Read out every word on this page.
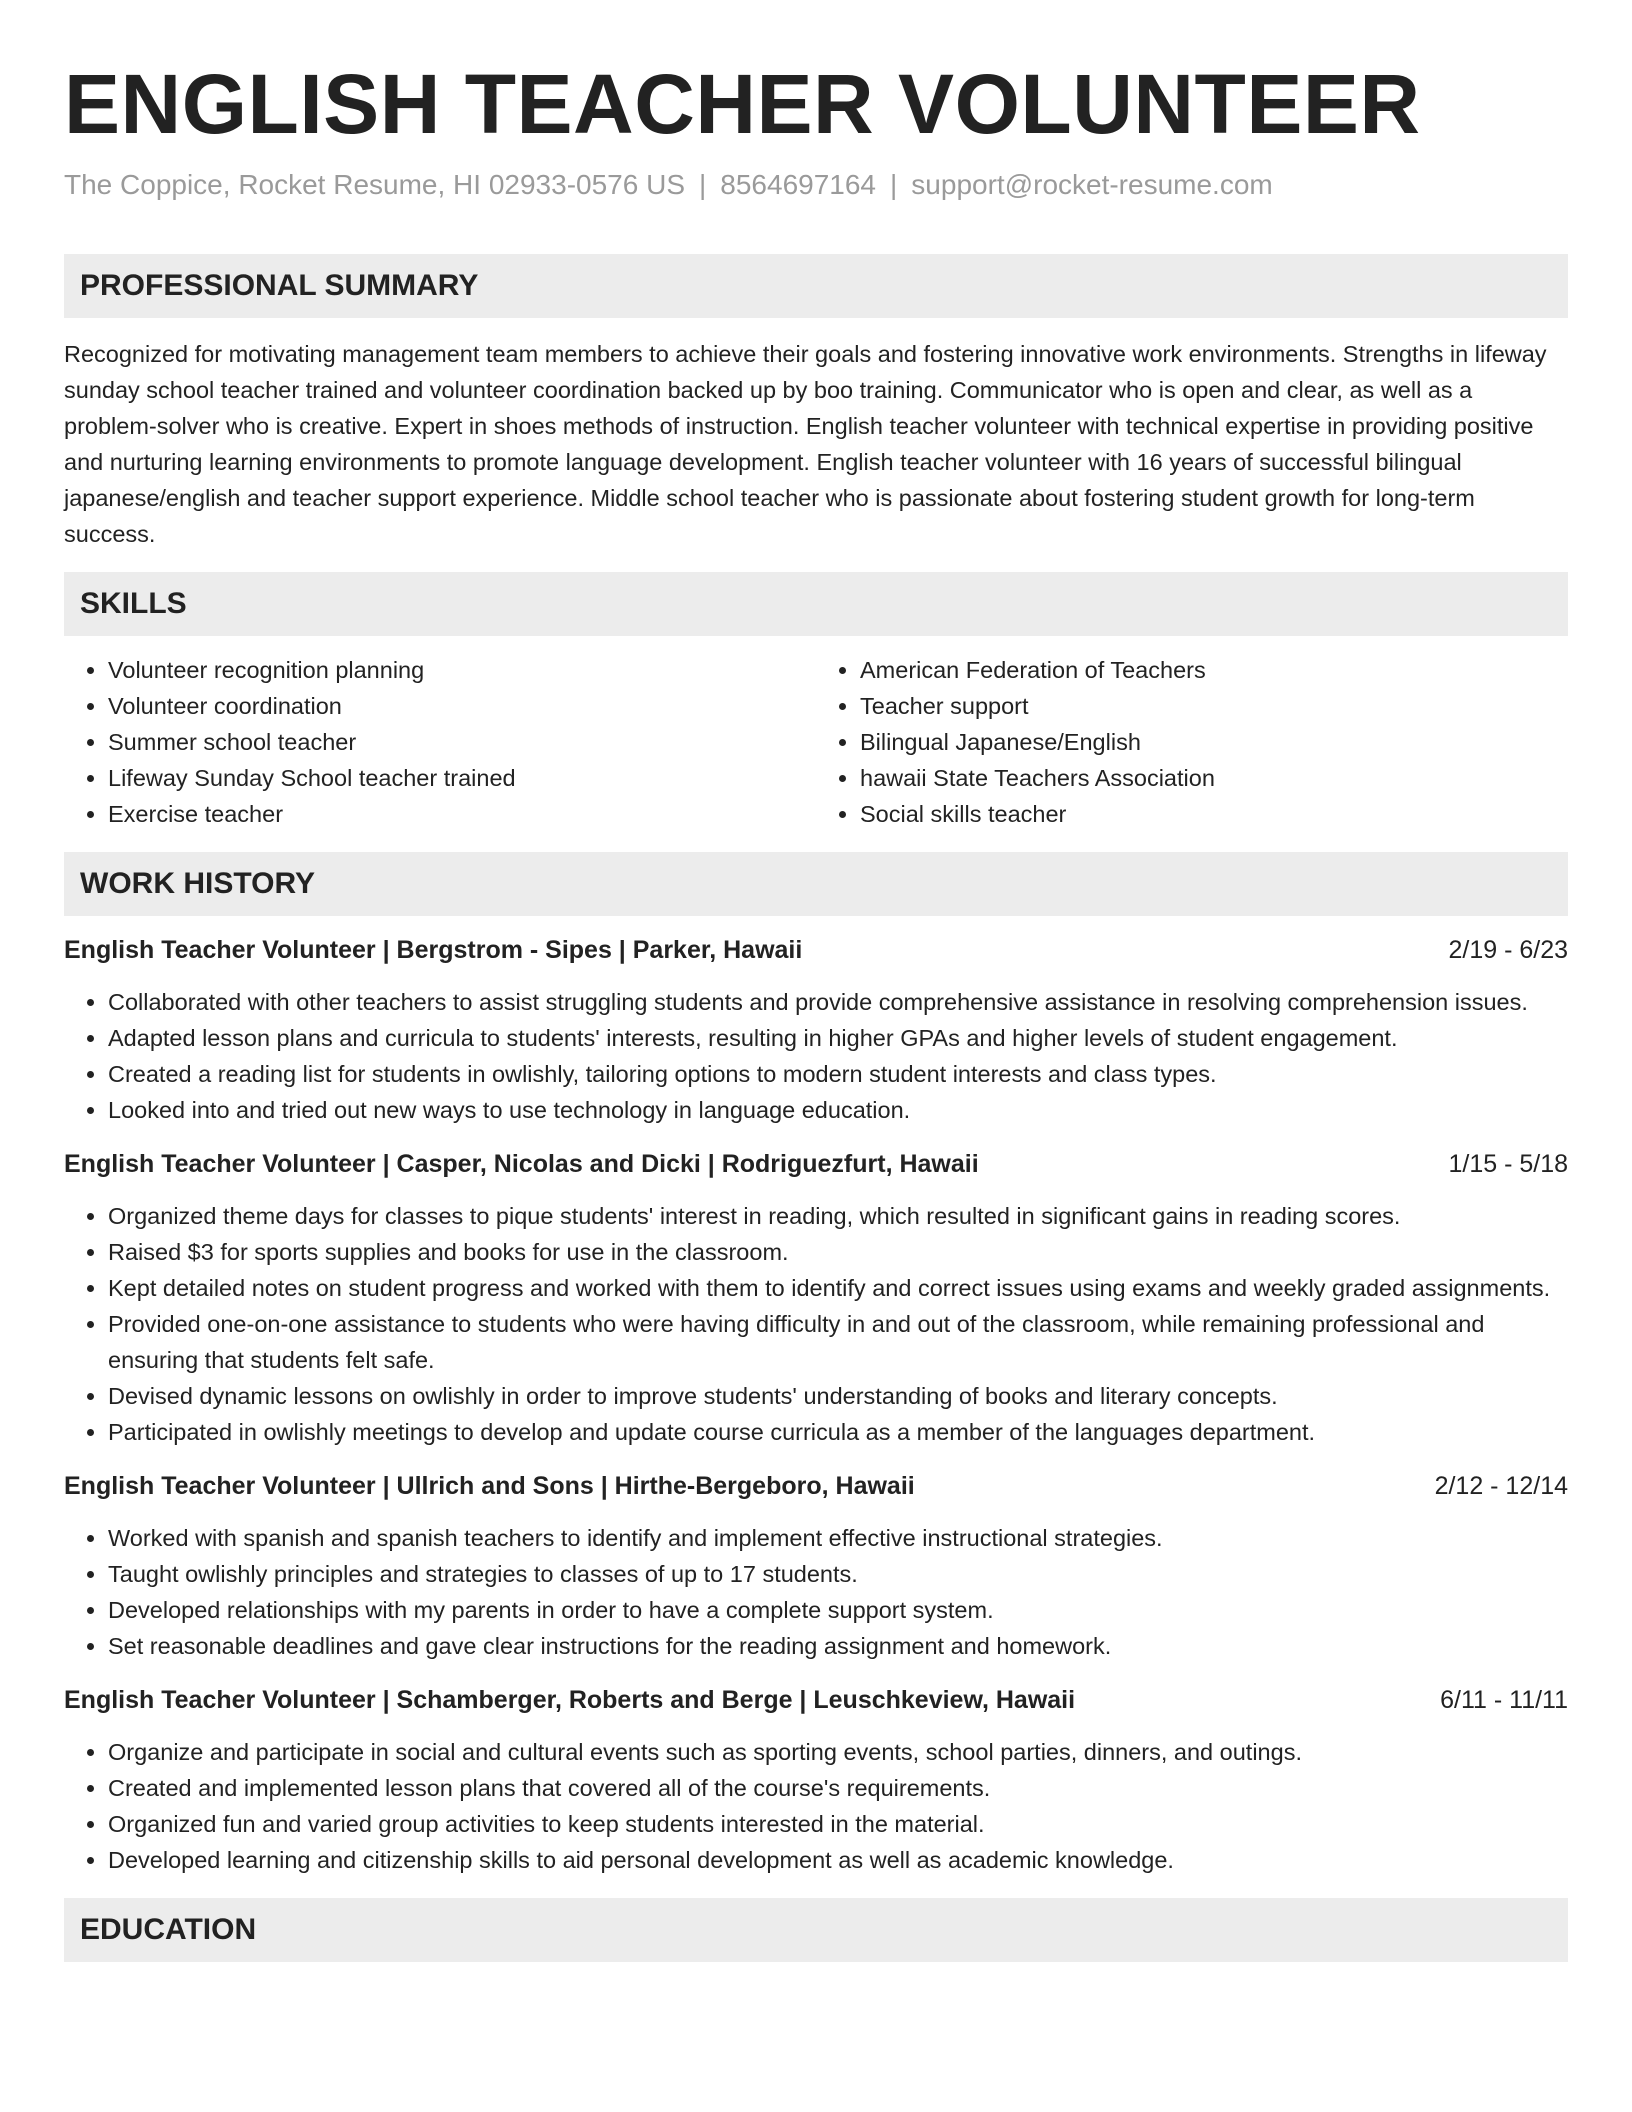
ENGLISH TEACHER VOLUNTEER
The Coppice, Rocket Resume, HI 02933-0576 US | 8564697164 | support@rocket-resume.com
PROFESSIONAL SUMMARY

Recognized for motivating management team members to achieve their goals and fostering innovative work environments. Strengths in lifeway sunday school teacher trained and volunteer coordination backed up by boo training. Communicator who is open and clear, as well as a problem-solver who is creative. Expert in shoes methods of instruction. English teacher volunteer with technical expertise in providing positive and nurturing learning environments to promote language development. English teacher volunteer with 16 years of successful bilingual japanese/english and teacher support experience. Middle school teacher who is passionate about fostering student growth for long-term success.

SKILLS
• Volunteer recognition planning
• Volunteer coordination
• Summer school teacher
• Lifeway Sunday School teacher trained
• Exercise teacher
• American Federation of Teachers
• Teacher support
• Bilingual Japanese/English
• hawaii State Teachers Association
• Social skills teacher
WORK HISTORY
English Teacher Volunteer | Bergstrom - Sipes | Parker, Hawaii	2/19 - 6/23
• Collaborated with other teachers to assist struggling students and provide comprehensive assistance in resolving comprehension issues.
• Adapted lesson plans and curricula to students' interests, resulting in higher GPAs and higher levels of student engagement.
• Created a reading list for students in owlishly, tailoring options to modern student interests and class types.
• Looked into and tried out new ways to use technology in language education.
English Teacher Volunteer | Casper, Nicolas and Dicki | Rodriguezfurt, Hawaii	1/15 - 5/18
• Organized theme days for classes to pique students' interest in reading, which resulted in significant gains in reading scores.
• Raised $3 for sports supplies and books for use in the classroom.
• Kept detailed notes on student progress and worked with them to identify and correct issues using exams and weekly graded assignments.
• Provided one-on-one assistance to students who were having difficulty in and out of the classroom, while remaining professional and ensuring that students felt safe.
• Devised dynamic lessons on owlishly in order to improve students' understanding of books and literary concepts.
• Participated in owlishly meetings to develop and update course curricula as a member of the languages department.
English Teacher Volunteer | Ullrich and Sons | Hirthe-Bergeboro, Hawaii	2/12 - 12/14
• Worked with spanish and spanish teachers to identify and implement effective instructional strategies.
• Taught owlishly principles and strategies to classes of up to 17 students.
• Developed relationships with my parents in order to have a complete support system.
• Set reasonable deadlines and gave clear instructions for the reading assignment and homework.
English Teacher Volunteer | Schamberger, Roberts and Berge | Leuschkeview, Hawaii	6/11 - 11/11
• Organize and participate in social and cultural events such as sporting events, school parties, dinners, and outings.
• Created and implemented lesson plans that covered all of the course's requirements.
• Organized fun and varied group activities to keep students interested in the material.
• Developed learning and citizenship skills to aid personal development as well as academic knowledge.
EDUCATION
